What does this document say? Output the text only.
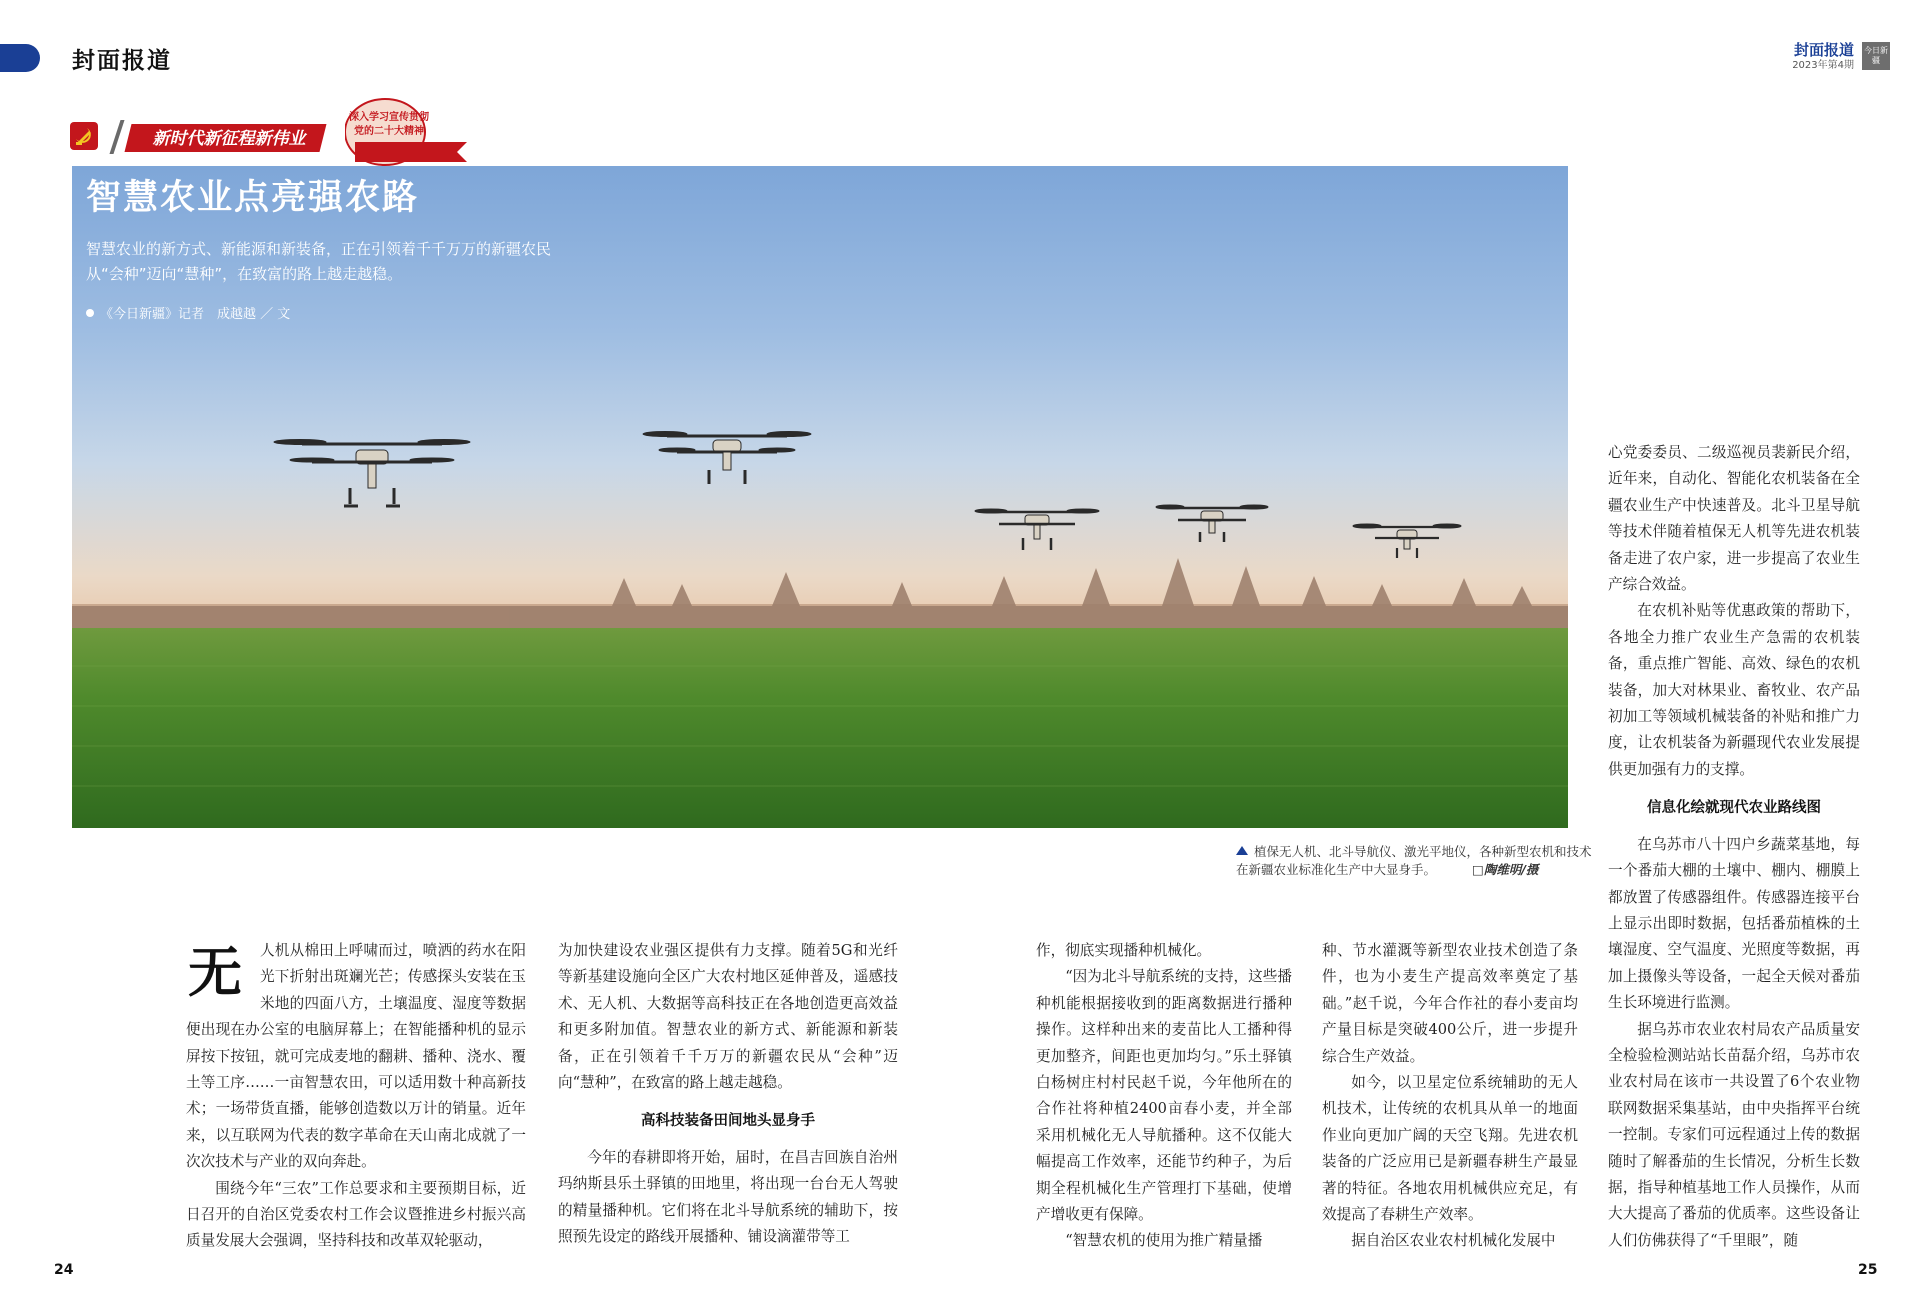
封面报道	封面报道
2023年第4期
今日新疆
新时代新征程新伟业
深入学习宣传贯彻
党的二十大精神
智慧农业点亮强农路
智慧农业的新方式、新能源和新装备，正在引领着千千万万的新疆农民从“会种”迈向“慧种”，在致富的路上越走越稳。
《今日新疆》记者　成越越 ／ 文
植保无人机、北斗导航仪、激光平地仪，各种新型农机和技术在新疆农业标准化生产中大显身手。	□陶维明/摄

心党委委员、二级巡视员裴新民介绍，近年来，自动化、智能化农机装备在全疆农业生产中快速普及。北斗卫星导航等技术伴随着植保无人机等先进农机装备走进了农户家，进一步提高了农业生产综合效益。

在农机补贴等优惠政策的帮助下，各地全力推广农业生产急需的农机装备，重点推广智能、高效、绿色的农机装备，加大对林果业、畜牧业、农产品初加工等领域机械装备的补贴和推广力度，让农机装备为新疆现代农业发展提供更加强有力的支撑。

信息化绘就现代农业路线图

在乌苏市八十四户乡蔬菜基地，每一个番茄大棚的土壤中、棚内、棚膜上都放置了传感器组件。传感器连接平台上显示出即时数据，包括番茄植株的土壤湿度、空气温度、光照度等数据，再加上摄像头等设备，一起全天候对番茄生长环境进行监测。

据乌苏市农业农村局农产品质量安全检验检测站站长苗磊介绍，乌苏市农业农村局在该市一共设置了6个农业物联网数据采集基站，由中央指挥平台统一控制。专家们可远程通过上传的数据随时了解番茄的生长情况，分析生长数据，指导种植基地工作人员操作，从而大大提高了番茄的优质率。这些设备让人们仿佛获得了“千里眼”，随

无	人机从棉田上呼啸而过，喷洒的药水在阳光下折射出斑斓光芒；传感探头安装在玉米地的四面八方，土壤温度、湿度等数据便出现在办公室的电脑屏幕上；在智能播种机的显示屏按下按钮，就可完成麦地的翻耕、播种、浇水、覆土等工序……一亩智慧农田，可以适用数十种高新技术；一场带货直播，能够创造数以万计的销量。近年来，以互联网为代表的数字革命在天山南北成就了一次次技术与产业的双向奔赴。

围绕今年“三农”工作总要求和主要预期目标，近日召开的自治区党委农村工作会议暨推进乡村振兴高质量发展大会强调，坚持科技和改革双轮驱动，

为加快建设农业强区提供有力支撑。随着5G和光纤等新基建设施向全区广大农村地区延伸普及，遥感技术、无人机、大数据等高科技正在各地创造更高效益和更多附加值。智慧农业的新方式、新能源和新装备，正在引领着千千万万的新疆农民从“会种”迈向“慧种”，在致富的路上越走越稳。

高科技装备田间地头显身手

今年的春耕即将开始，届时，在昌吉回族自治州玛纳斯县乐土驿镇的田地里，将出现一台台无人驾驶的精量播种机。它们将在北斗导航系统的辅助下，按照预先设定的路线开展播种、铺设滴灌带等工

作，彻底实现播种机械化。

“因为北斗导航系统的支持，这些播种机能根据接收到的距离数据进行播种操作。这样种出来的麦苗比人工播种得更加整齐，间距也更加均匀。”乐土驿镇白杨树庄村村民赵千说，今年他所在的合作社将种植2400亩春小麦，并全部采用机械化无人导航播种。这不仅能大幅提高工作效率，还能节约种子，为后期全程机械化生产管理打下基础，使增产增收更有保障。

“智慧农机的使用为推广精量播

种、节水灌溉等新型农业技术创造了条件，也为小麦生产提高效率奠定了基础。”赵千说，今年合作社的春小麦亩均产量目标是突破400公斤，进一步提升综合生产效益。

如今，以卫星定位系统辅助的无人机技术，让传统的农机具从单一的地面作业向更加广阔的天空飞翔。先进农机装备的广泛应用已是新疆春耕生产最显著的特征。各地农用机械供应充足，有效提高了春耕生产效率。

据自治区农业农村机械化发展中

24	25
